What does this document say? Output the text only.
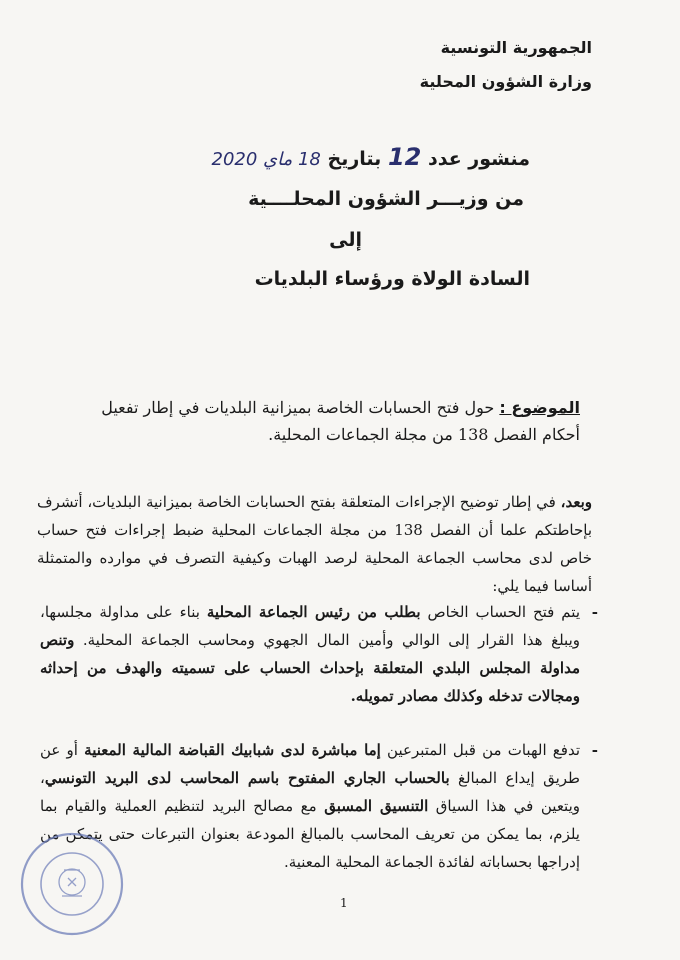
الجمهورية التونسية
وزارة الشؤون المحلية
منشور عدد 12 بتاريخ 18 ماي 2020
من وزيـــر الشؤون المحلــــية
إلى
السادة الولاة ورؤساء البلديات
الموضوع : حول فتح الحسابات الخاصة بميزانية البلديات في إطار تفعيل
أحكام الفصل 138 من مجلة الجماعات المحلية.
وبعد، في إطار توضيح الإجراءات المتعلقة بفتح الحسابات الخاصة بميزانية البلديات، أتشرف بإحاطتكم علما أن الفصل 138 من مجلة الجماعات المحلية ضبط إجراءات فتح حساب خاص لدى محاسب الجماعة المحلية لرصد الهبات وكيفية التصرف في موارده والمتمثلة أساسا فيما يلي:
-
يتم فتح الحساب الخاص بطلب من رئيس الجماعة المحلية بناء على مداولة مجلسها، ويبلغ هذا القرار إلى الوالي وأمين المال الجهوي ومحاسب الجماعة المحلية. وتنص مداولة المجلس البلدي المتعلقة بإحداث الحساب على تسميته والهدف من إحداثه ومجالات تدخله وكذلك مصادر تمويله.
-
تدفع الهبات من قبل المتبرعين إما مباشرة لدى شبابيك القباضة المالية المعنية أو عن طريق إيداع المبالغ بالحساب الجاري المفتوح باسم المحاسب لدى البريد التونسي، ويتعين في هذا السياق التنسيق المسبق مع مصالح البريد لتنظيم العملية والقيام بما يلزم، بما يمكن من تعريف المحاسب بالمبالغ المودعة بعنوان التبرعات حتى يتمكن من إدراجها بحساباته لفائدة الجماعة المحلية المعنية.
1
